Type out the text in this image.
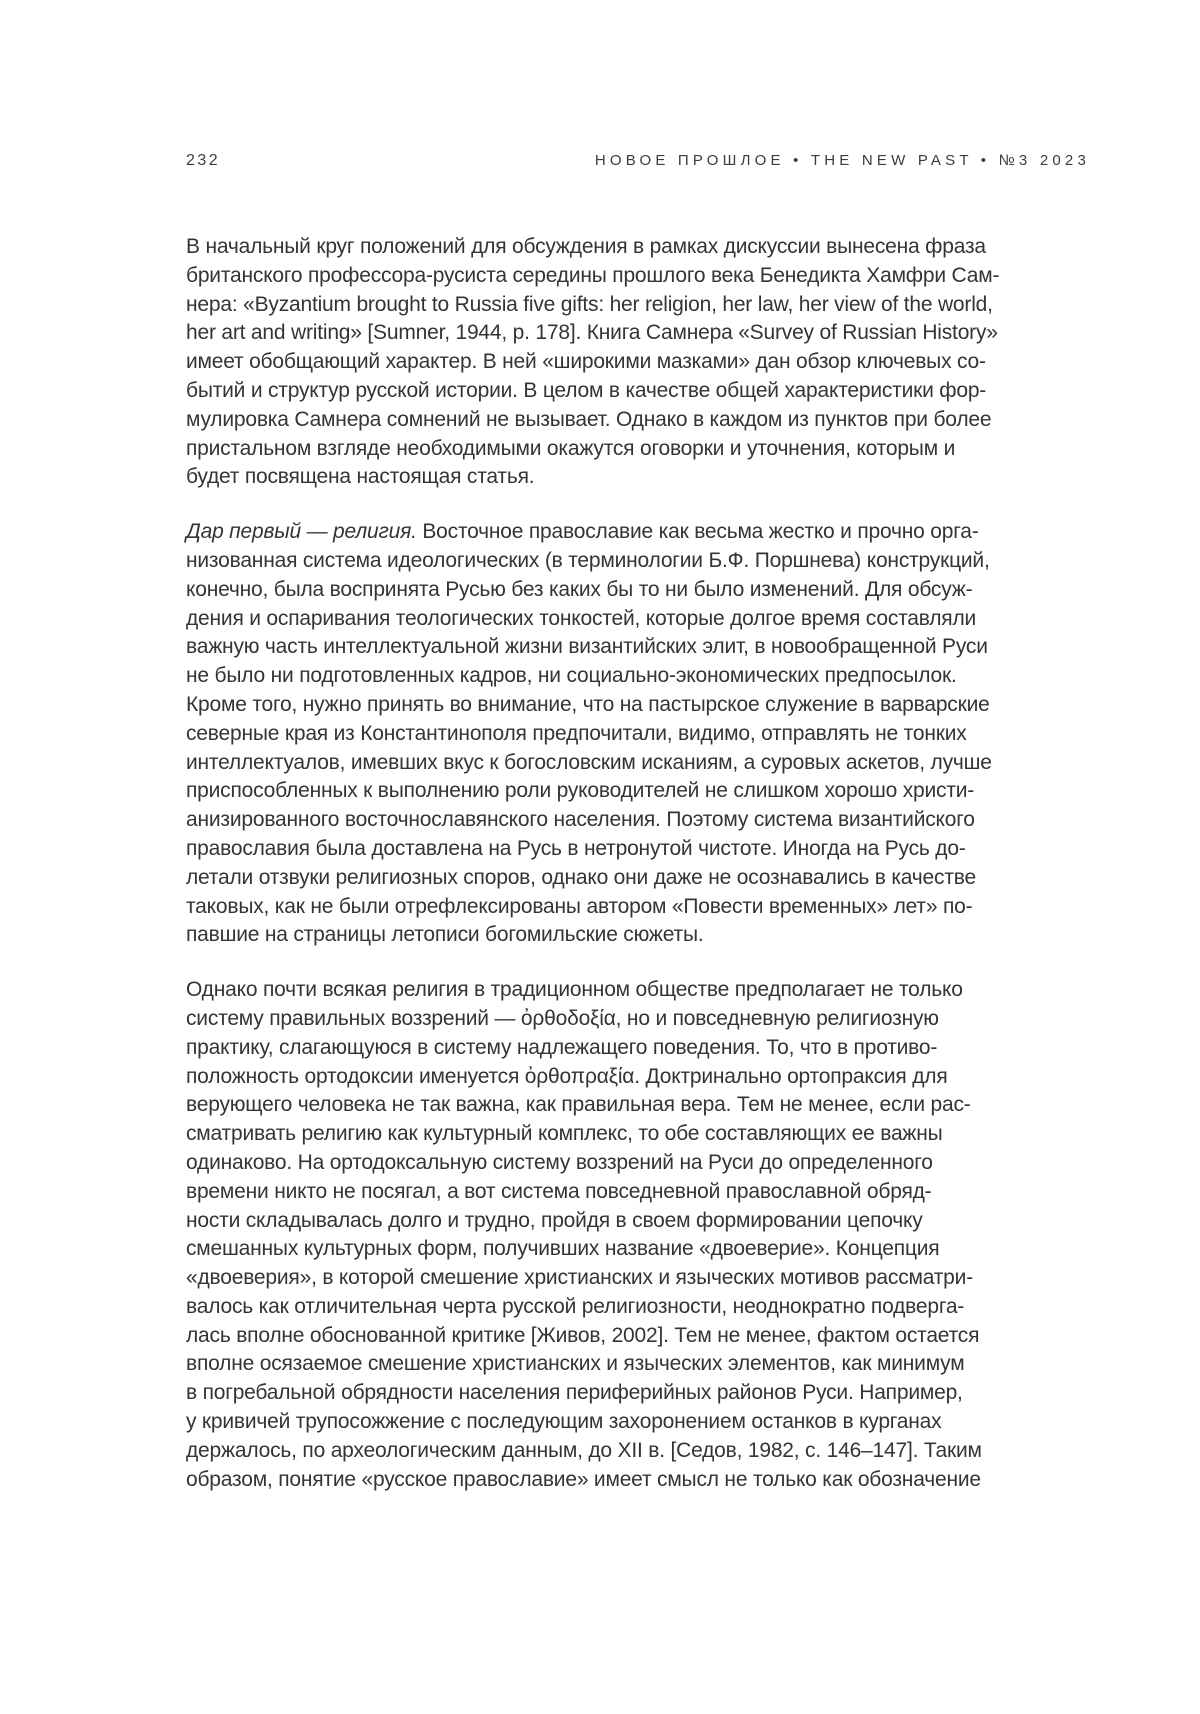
232	НОВОЕ ПРОШЛОЕ • THE NEW PAST • №3 2023
В начальный круг положений для обсуждения в рамках дискуссии вынесена фраза
британского профессора-русиста середины прошлого века Бенедикта Хамфри Сам-
нера: «Byzantium brought to Russia five gifts: her religion, her law, her view of the world,
her art and writing» [Sumner, 1944, p. 178]. Книга Самнера «Survey of Russian History»
имеет обобщающий характер. В ней «широкими мазками» дан обзор ключевых со-
бытий и структур русской истории. В целом в качестве общей характеристики фор-
мулировка Самнера сомнений не вызывает. Однако в каждом из пунктов при более
пристальном взгляде необходимыми окажутся оговорки и уточнения, которым и
будет посвящена настоящая статья.
Дар первый — религия. Восточное православие как весьма жестко и прочно орга-
низованная система идеологических (в терминологии Б.Ф. Поршнева) конструкций,
конечно, была воспринята Русью без каких бы то ни было изменений. Для обсуж-
дения и оспаривания теологических тонкостей, которые долгое время составляли
важную часть интеллектуальной жизни византийских элит, в новообращенной Руси
не было ни подготовленных кадров, ни социально-экономических предпосылок.
Кроме того, нужно принять во внимание, что на пастырское служение в варварские
северные края из Константинополя предпочитали, видимо, отправлять не тонких
интеллектуалов, имевших вкус к богословским исканиям, а суровых аскетов, лучше
приспособленных к выполнению роли руководителей не слишком хорошо христи-
анизированного восточнославянского населения. Поэтому система византийского
православия была доставлена на Русь в нетронутой чистоте. Иногда на Русь до-
летали отзвуки религиозных споров, однако они даже не осознавались в качестве
таковых, как не были отрефлексированы автором «Повести временных» лет» по-
павшие на страницы летописи богомильские сюжеты.
Однако почти всякая религия в традиционном обществе предполагает не только
систему правильных воззрений — ὀρθοδοξία, но и повседневную религиозную
практику, слагающуюся в систему надлежащего поведения. То, что в противо-
положность ортодоксии именуется ὀρθοπραξία. Доктринально ортопраксия для
верующего человека не так важна, как правильная вера. Тем не менее, если рас-
сматривать религию как культурный комплекс, то обе составляющих ее важны
одинаково. На ортодоксальную систему воззрений на Руси до определенного
времени никто не посягал, а вот система повседневной православной обряд-
ности складывалась долго и трудно, пройдя в своем формировании цепочку
смешанных культурных форм, получивших название «двоеверие». Концепция
«двоеверия», в которой смешение христианских и языческих мотивов рассматри-
валось как отличительная черта русской религиозности, неоднократно подверга-
лась вполне обоснованной критике [Живов, 2002]. Тем не менее, фактом остается
вполне осязаемое смешение христианских и языческих элементов, как минимум
в погребальной обрядности населения периферийных районов Руси. Например,
у кривичей трупосожжение с последующим захоронением останков в курганах
держалось, по археологическим данным, до XII в. [Седов, 1982, с. 146–147]. Таким
образом, понятие «русское православие» имеет смысл не только как обозначение
